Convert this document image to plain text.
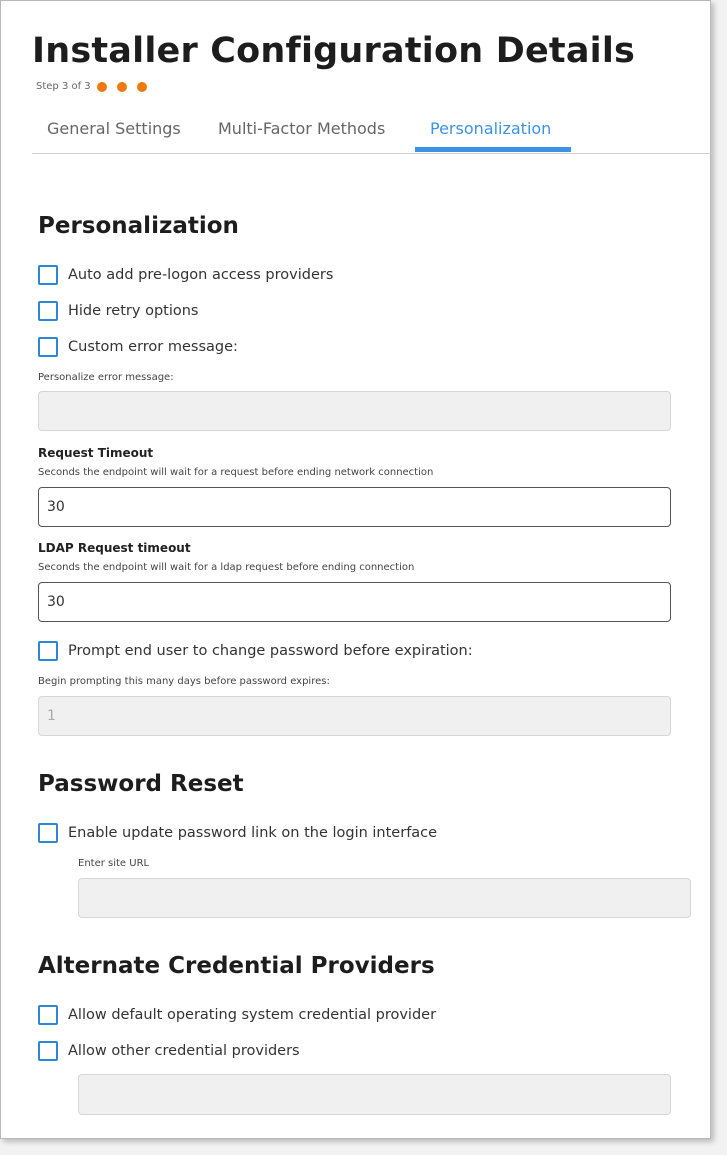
Installer Configuration Details
Step 3 of 3
General Settings Multi-Factor Methods	Personalization
Personalization
Auto add pre-logon access providers
Hide retry options
Custom error message:
Personalize error message:
Request Timeout
Seconds the endpoint will wait for a request before ending network connection
30
LDAP Request timeout
Seconds the endpoint will wait for a ldap request before ending connection
30
Prompt end user to change password before expiration:
Begin prompting this many days before password expires:
1
Password Reset
Enable update password link on the login interface
Enter site URL
Alternate Credential Providers
Allow default operating system credential provider
Allow other credential providers
